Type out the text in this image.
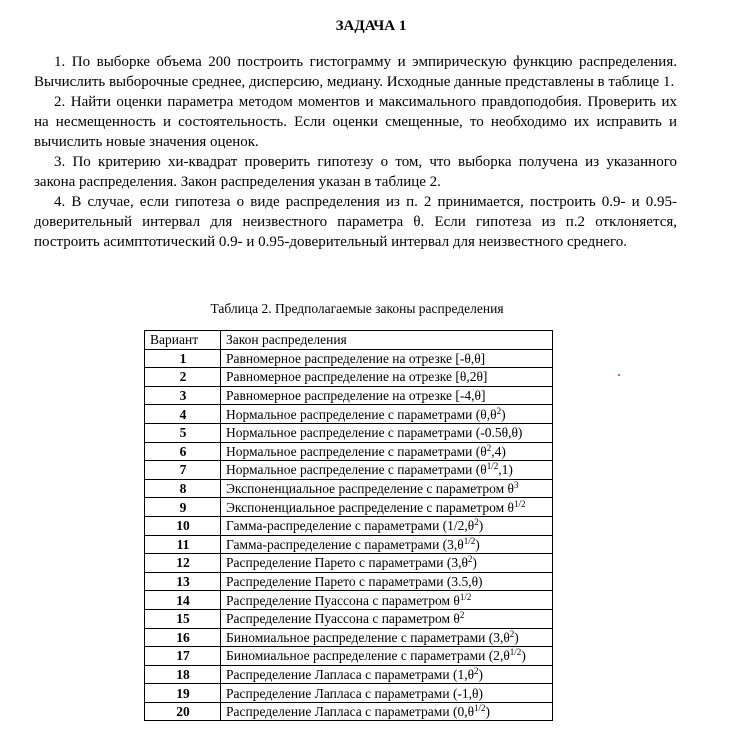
ЗАДАЧА 1

1. По выборке объема 200 построить гистограмму и эмпирическую функцию распределения. Вычислить выборочные среднее, дисперсию, медиану. Исходные данные представлены в таблице 1.

2. Найти оценки параметра методом моментов и максимального правдоподобия. Проверить их на несмещенность и состоятельность. Если оценки смещенные, то необходимо их исправить и вычислить новые значения оценок.

3. По критерию хи-квадрат проверить гипотезу о том, что выборка получена из указанного закона распределения. Закон распределения указан в таблице 2.

4. В случае, если гипотеза о виде распределения из п. 2 принимается, построить 0.9- и 0.95-доверительный интервал для неизвестного параметра θ. Если гипотеза из п.2 отклоняется, построить асимптотический 0.9- и 0.95-доверительный интервал для неизвестного среднего.

Таблица 2. Предполагаемые законы распределения
Вариант	Закон распределения
1	Равномерное распределение на отрезке [-θ,θ]
2	Равномерное распределение на отрезке [θ,2θ]
3	Равномерное распределение на отрезке [-4,θ]
4	Нормальное распределение с параметрами $(\theta,\theta^2)$
5	Нормальное распределение с параметрами (-0.5θ,θ)
6	Нормальное распределение с параметрами $(\theta^2,4)$
7	Нормальное распределение с параметрами $(\theta^{1/2},1)$
8	Экспоненциальное распределение с параметром $\theta^3$
9	Экспоненциальное распределение с параметром $\theta^{1/2}$
10	Гамма-распределение с параметрами $(1/2,\theta^2)$
11	Гамма-распределение с параметрами $(3,\theta^{1/2})$
12	Распределение Парето с параметрами $(3,\theta^2)$
13	Распределение Парето с параметрами (3.5,θ)
14	Распределение Пуассона с параметром $\theta^{1/2}$
15	Распределение Пуассона с параметром $\theta^2$
16	Биномиальное распределение с параметрами $(3,\theta^2)$
17	Биномиальное распределение с параметрами $(2,\theta^{1/2})$
18	Распределение Лапласа с параметрами $(1,\theta^2)$
19	Распределение Лапласа с параметрами (-1,θ)
20	Распределение Лапласа с параметрами $(0,\theta^{1/2})$
